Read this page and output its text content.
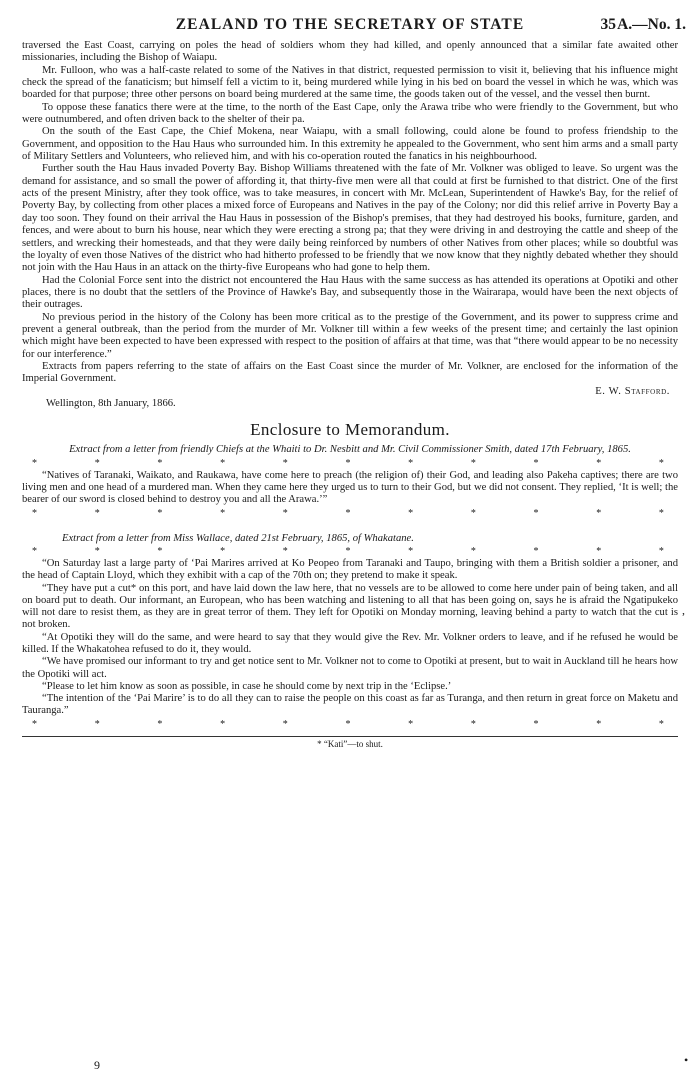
ZEALAND TO THE SECRETARY OF STATE	35 A.—No. 1.

traversed the East Coast, carrying on poles the head of soldiers whom they had killed, and openly announced that a similar fate awaited other missionaries, including the Bishop of Waiapu.

Mr. Fulloon, who was a half-caste related to some of the Natives in that district, requested permission to visit it, believing that his influence might check the spread of the fanaticism; but himself fell a victim to it, being murdered while lying in his bed on board the vessel in which he was, which was boarded for that purpose; three other persons on board being murdered at the same time, the goods taken out of the vessel, and the vessel then burnt.

To oppose these fanatics there were at the time, to the north of the East Cape, only the Arawa tribe who were friendly to the Government, but who were outnumbered, and often driven back to the shelter of their pa.

On the south of the East Cape, the Chief Mokena, near Waiapu, with a small following, could alone be found to profess friendship to the Government, and opposition to the Hau Haus who surrounded him. In this extremity he appealed to the Government, who sent him arms and a small party of Military Settlers and Volunteers, who relieved him, and with his co-operation routed the fanatics in his neighbourhood.

Further south the Hau Haus invaded Poverty Bay. Bishop Williams threatened with the fate of Mr. Volkner was obliged to leave. So urgent was the demand for assistance, and so small the power of affording it, that thirty-five men were all that could at first be furnished to that district. One of the first acts of the present Ministry, after they took office, was to take measures, in concert with Mr. McLean, Superintendent of Hawke's Bay, for the relief of Poverty Bay, by collecting from other places a mixed force of Europeans and Natives in the pay of the Colony; nor did this relief arrive in Poverty Bay a day too soon. They found on their arrival the Hau Haus in possession of the Bishop's premises, that they had destroyed his books, furniture, garden, and fences, and were about to burn his house, near which they were erecting a strong pa; that they were driving in and destroying the cattle and sheep of the settlers, and wrecking their homesteads, and that they were daily being reinforced by numbers of other Natives from other places; while so doubtful was the loyalty of even those Natives of the district who had hitherto professed to be friendly that we now know that they nightly debated whether they should not join with the Hau Haus in an attack on the thirty-five Europeans who had gone to help them.

Had the Colonial Force sent into the district not encountered the Hau Haus with the same success as has attended its operations at Opotiki and other places, there is no doubt that the settlers of the Province of Hawke's Bay, and subsequently those in the Wairarapa, would have been the next objects of their outrages.

No previous period in the history of the Colony has been more critical as to the prestige of the Government, and its power to suppress crime and prevent a general outbreak, than the period from the murder of Mr. Volkner till within a few weeks of the present time; and certainly the last opinion which might have been expected to have been expressed with respect to the position of affairs at that time, was that “there would appear to be no necessity for our interference.”

Extracts from papers referring to the state of affairs on the East Coast since the murder of Mr. Volkner, are enclosed for the information of the Imperial Government.

E. W. Stafford.
Wellington, 8th January, 1866.
Enclosure to Memorandum.
Extract from a letter from friendly Chiefs at the Whaiti to Dr. Nesbitt and Mr. Civil Commissioner Smith, dated 17th February, 1865.
*	*	*	*	*	*	*	*	*	*	*

“Natives of Taranaki, Waikato, and Raukawa, have come here to preach (the religion of) their God, and leading also Pakeha captives; there are two living men and one head of a murdered man. When they came here they urged us to turn to their God, but we did not consent. They replied, ‘It is well; the bearer of our sword is closed behind to destroy you and all the Arawa.’”

*	*	*	*	*	*	*	*	*	*	*
Extract from a letter from Miss Wallace, dated 21st February, 1865, of Whakatane.
*	*	*	*	*	*	*	*	*	*	*

“On Saturday last a large party of ‘Pai Marires arrived at Ko Peopeo from Taranaki and Taupo, bringing with them a British soldier a prisoner, and the head of Captain Lloyd, which they exhibit with a cap of the 70th on; they pretend to make it speak.

“They have put a cut* on this port, and have laid down the law here, that no vessels are to be allowed to come here under pain of being taken, and all on board put to death. Our informant, an European, who has been watching and listening to all that has been going on, says he is afraid the Ngatipukeko will not dare to resist them, as they are in great terror of them. They left for Opotiki on Monday morning, leaving behind a party to watch that the cut is not broken.

“At Opotiki they will do the same, and were heard to say that they would give the Rev. Mr. Volkner orders to leave, and if he refused he would be killed. If the Whakatohea refused to do it, they would.

“We have promised our informant to try and get notice sent to Mr. Volkner not to come to Opotiki at present, but to wait in Auckland till he hears how the Opotiki will act.

“Please to let him know as soon as possible, in case he should come by next trip in the ‘Eclipse.’

“The intention of the ‘Pai Marire’ is to do all they can to raise the people on this coast as far as Turanga, and then return in great force on Maketu and Tauranga.”

*	*	*	*	*	*	*	*	*	*	*
* “Kati”—to shut.
9
,
•
